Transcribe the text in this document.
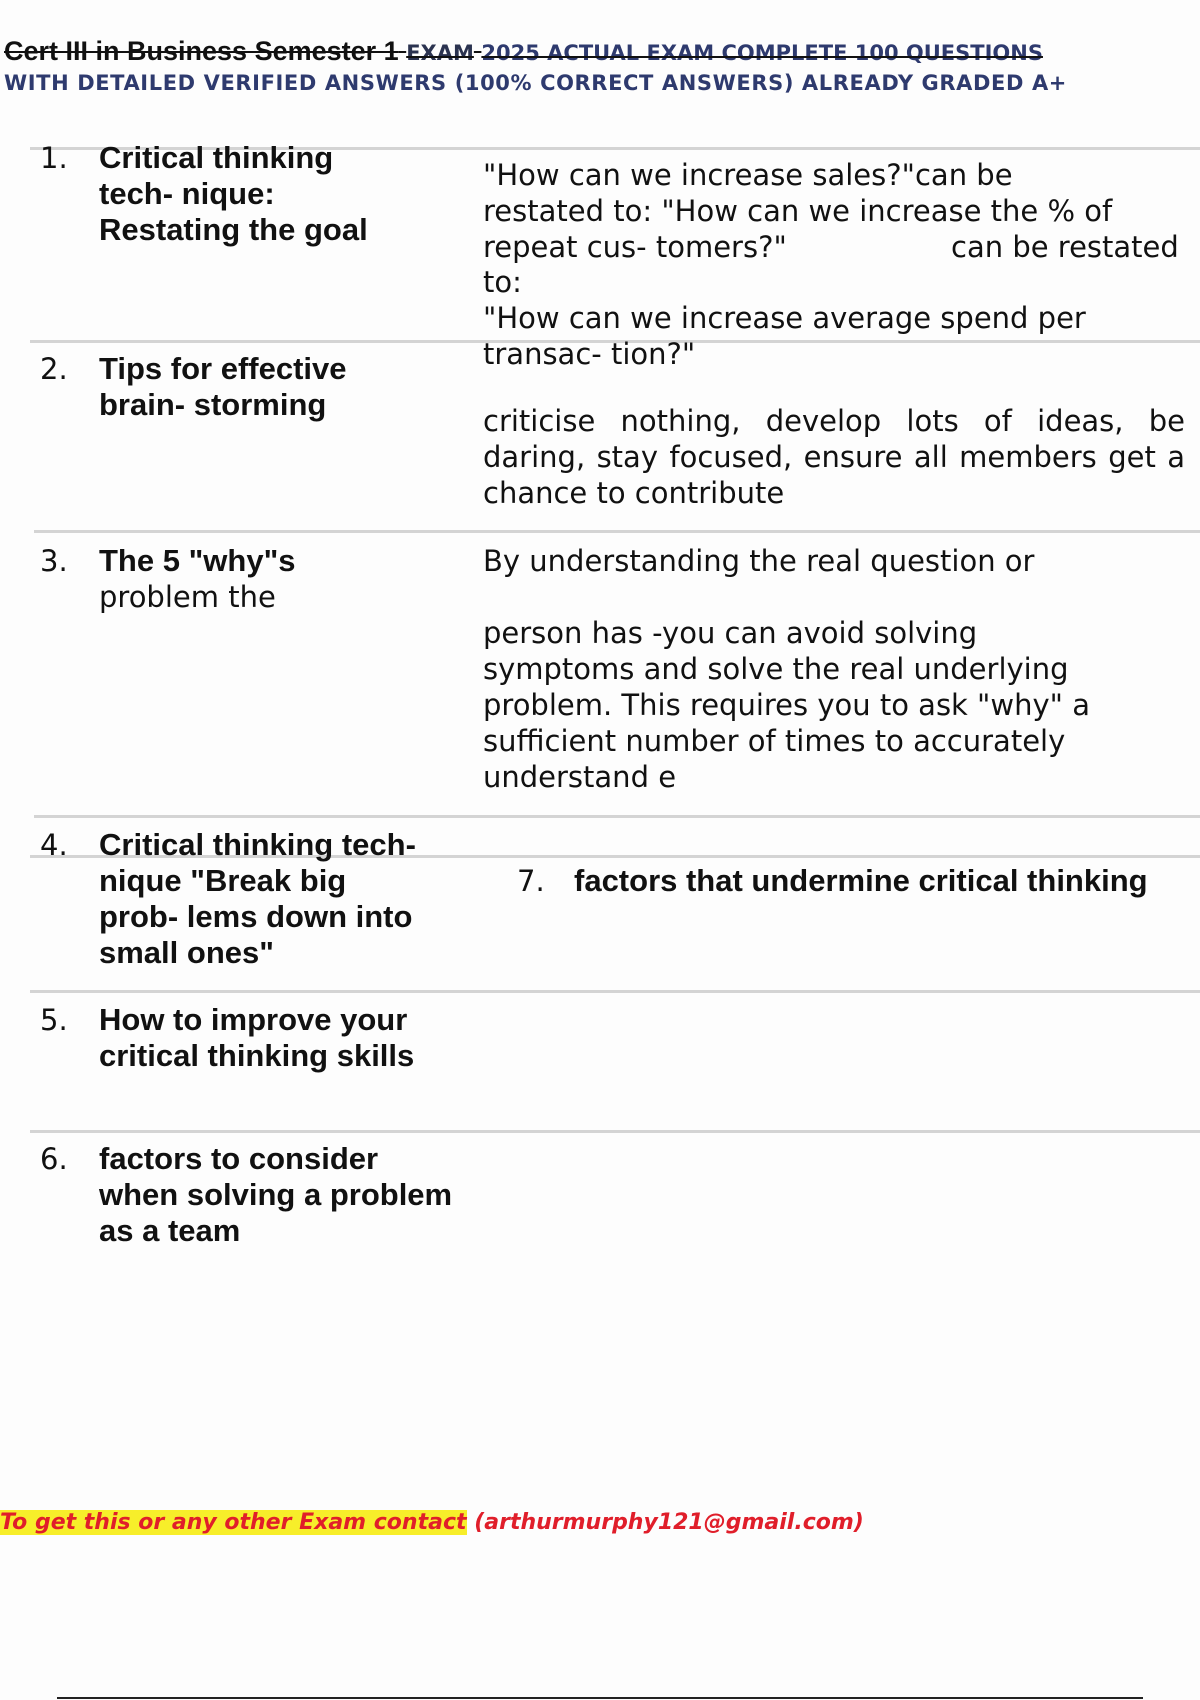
Cert III in Business Semester 1 EXAM 2025 ACTUAL EXAM COMPLETE 100 QUESTIONS
WITH DETAILED VERIFIED ANSWERS (100% CORRECT ANSWERS) ALREADY GRADED A+
1. Critical thinking
tech- nique:
Restating the goal
"How can we increase sales?"can be
restated to: "How can we increase the % of
repeat cus- tomers?"	can be restated
to:
"How can we increase average spend per
transac- tion?"
2. Tips for effective
brain- storming	criticise nothing, develop lots of ideas, be daring, stay focused, ensure all members get a chance to contribute
3. The 5 "why"s
problem the
By understanding the real question or
person has -you can avoid solving
symptoms and solve the real underlying
problem. This requires you to ask "why" a
sufficient number of times to accurately
understand e
4. Critical thinking tech-
nique "Break big
prob- lems down into
small ones"
7. factors that undermine critical thinking
5. How to improve your
critical thinking skills
6. factors to consider
when solving a problem
as a team
To get this or any other Exam contact (arthurmurphy121@gmail.com)
